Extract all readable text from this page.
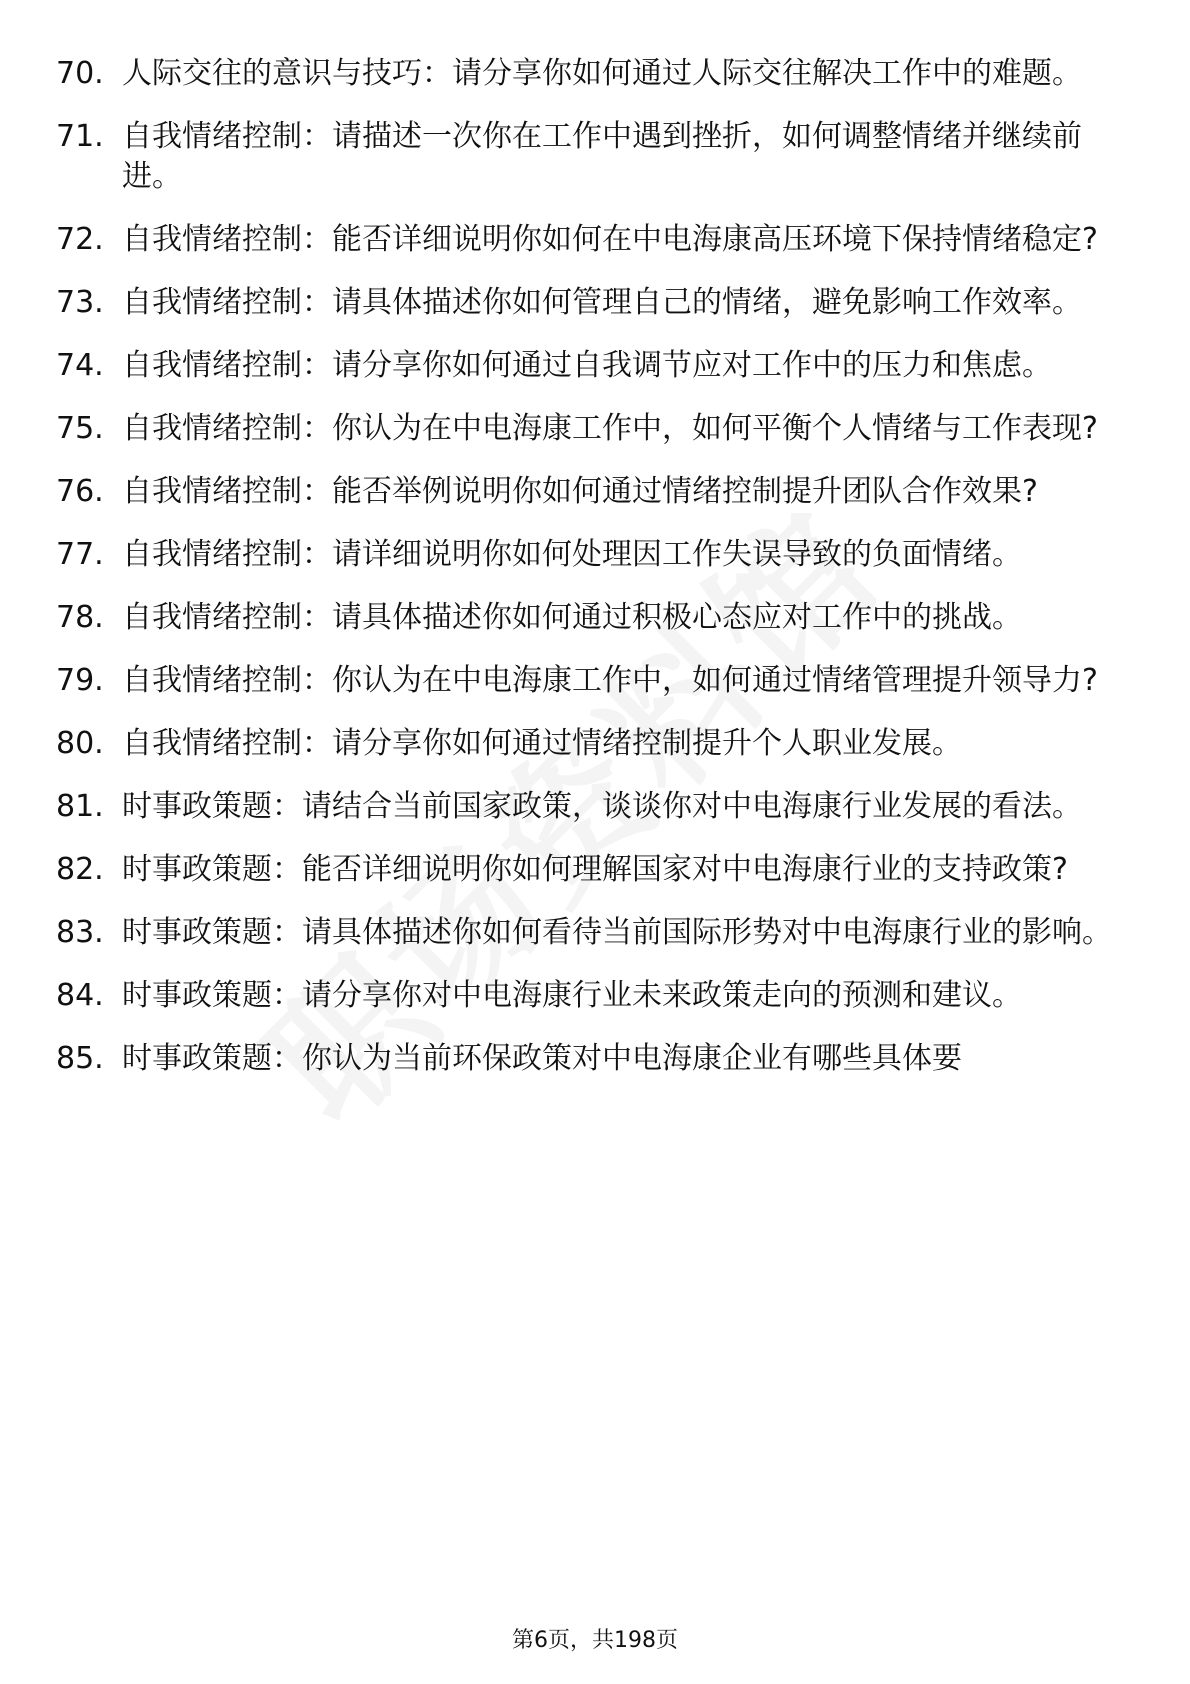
70. 人际交往的意识与技巧：请分享你如何通过人际交往解决工作中的难题。
71. 自我情绪控制：请描述一次你在工作中遇到挫折，如何调整情绪并继续前进。
72. 自我情绪控制：能否详细说明你如何在中电海康高压环境下保持情绪稳定?
73. 自我情绪控制：请具体描述你如何管理自己的情绪，避免影响工作效率。
74. 自我情绪控制：请分享你如何通过自我调节应对工作中的压力和焦虑。
75. 自我情绪控制：你认为在中电海康工作中，如何平衡个人情绪与工作表现?
76. 自我情绪控制：能否举例说明你如何通过情绪控制提升团队合作效果?
77. 自我情绪控制：请详细说明你如何处理因工作失误导致的负面情绪。
78. 自我情绪控制：请具体描述你如何通过积极心态应对工作中的挑战。
79. 自我情绪控制：你认为在中电海康工作中，如何通过情绪管理提升领导力?
80. 自我情绪控制：请分享你如何通过情绪控制提升个人职业发展。
81. 时事政策题：请结合当前国家政策，谈谈你对中电海康行业发展的看法。
82. 时事政策题：能否详细说明你如何理解国家对中电海康行业的支持政策?
83. 时事政策题：请具体描述你如何看待当前国际形势对中电海康行业的影响。
84. 时事政策题：请分享你对中电海康行业未来政策走向的预测和建议。
85. 时事政策题：你认为当前环保政策对中电海康企业有哪些具体要
第6页，共198页
